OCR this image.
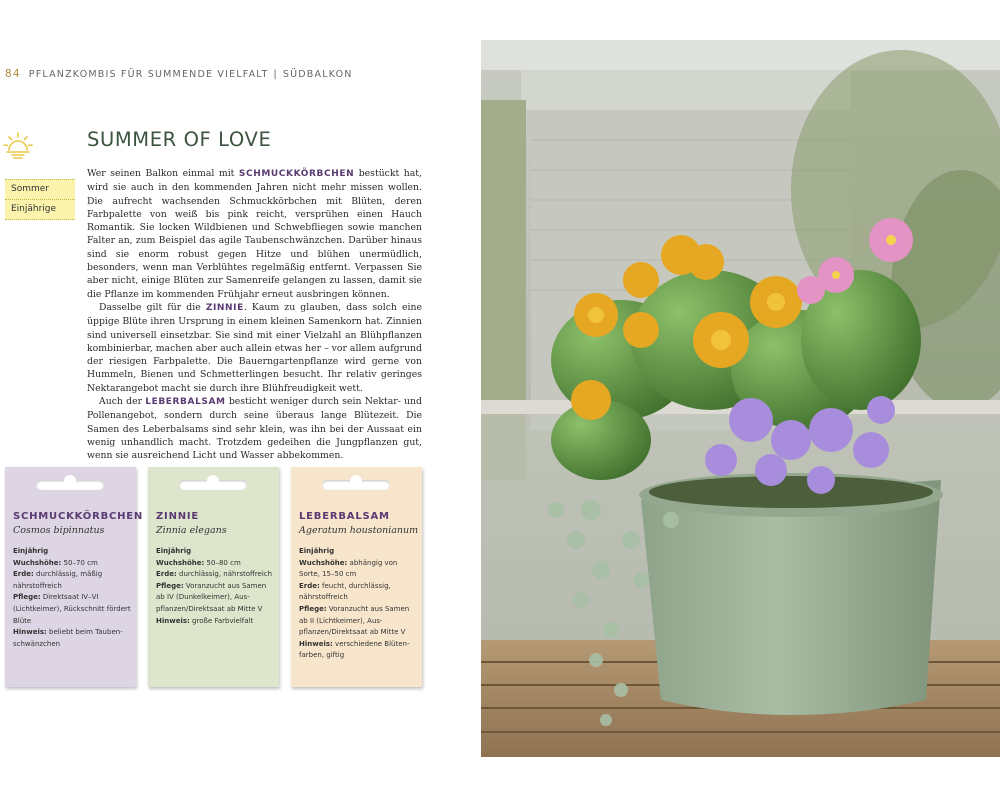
84 PFLANZKOMBIS FÜR SUMMENDE VIELFALT | SÜDBALKON
SUMMER OF LOVE
Sommer
Einjährige

Wer seinen Balkon einmal mit SCHMUCKKÖRBCHEN bestückt hat, wird sie auch in den kommenden Jahren nicht mehr missen wollen. Die aufrecht wachsenden Schmuckkörbchen mit Blüten, deren Farbpalette von weiß bis pink reicht, versprühen einen Hauch Romantik. Sie locken Wildbienen und Schwebfliegen sowie manchen Falter an, zum Beispiel das agile Taubenschwänzchen. Darüber hinaus sind sie enorm robust gegen Hitze und blühen unermüdlich, besonders, wenn man Verblühtes regelmäßig entfernt. Verpassen Sie aber nicht, einige Blüten zur Samenreife gelangen zu lassen, damit sie die Pflanze im kommenden Frühjahr erneut ausbringen können.

Dasselbe gilt für die ZINNIE. Kaum zu glauben, dass solch eine üppige Blüte ihren Ursprung in einem kleinen Samenkorn hat. Zinnien sind universell einsetzbar. Sie sind mit einer Vielzahl an Blühpflanzen kombinierbar, machen aber auch allein etwas her – vor allem aufgrund der riesigen Farbpalette. Die Bauerngartenpflanze wird gerne von Hummeln, Bienen und Schmetterlingen besucht. Ihr relativ geringes Nektarangebot macht sie durch ihre Blühfreudigkeit wett.

Auch der LEBERBALSAM besticht weniger durch sein Nektar- und Pollenangebot, sondern durch seine überaus lange Blütezeit. Die Samen des Leberbalsams sind sehr klein, was ihn bei der Aussaat ein wenig unhandlich macht. Trotzdem gedeihen die Jungpflanzen gut, wenn sie ausreichend Licht und Wasser abbekommen.

SCHMUCKKÖRBCHEN
Cosmos bipinnatus
Einjährig
Wuchshöhe: 50–70 cm
Erde: durchlässig, mäßig nährstoffreich
Pflege: Direktsaat IV–VI (Lichtkeimer), Rückschnitt fördert Blüte
Hinweis: beliebt beim Taubenschwänzchen
ZINNIE
Zinnia elegans
Einjährig
Wuchshöhe: 50–80 cm
Erde: durchlässig, nährstoffreich
Pflege: Voranzucht aus Samen ab IV (Dunkelkeimer), Auspflanzen/Direktsaat ab Mitte V
Hinweis: große Farbvielfalt
LEBERBALSAM
Ageratum houstonianum
Einjährig
Wuchshöhe: abhängig von Sorte, 15–50 cm
Erde: feucht, durchlässig, nährstoffreich
Pflege: Voranzucht aus Samen ab II (Lichtkeimer), Auspflanzen/Direktsaat ab Mitte V
Hinweis: verschiedene Blütenfarben, giftig
